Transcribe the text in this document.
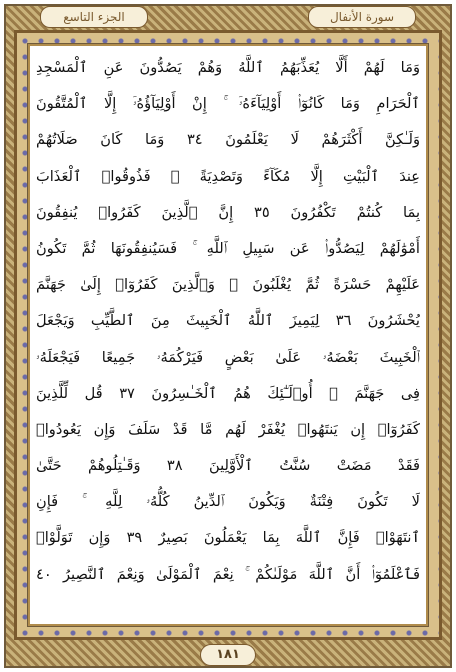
الجزء التاسع	سورة الأنفال
وَمَا لَهُمْ أَلَّا يُعَذِّبَهُمُ ٱللَّهُ وَهُمْ يَصُدُّونَ عَنِ ٱلْمَسْجِدِ
ٱلْحَرَامِ وَمَا كَانُوٓا۟ أَوْلِيَآءَهُۥٓ ۚ إِنْ أَوْلِيَآؤُهُۥٓ إِلَّا ٱلْمُتَّقُونَ
وَلَـٰكِنَّ أَكْثَرَهُمْ لَا يَعْلَمُونَ ٣٤ وَمَا كَانَ صَلَاتُهُمْ
عِندَ ٱلْبَيْتِ إِلَّا مُكَآءً وَتَصْدِيَةً ۚ فَذُوقُوا۟ ٱلْعَذَابَ
بِمَا كُنتُمْ تَكْفُرُونَ ٣٥ إِنَّ ٱلَّذِينَ كَفَرُوا۟ يُنفِقُونَ
أَمْوَٰلَهُمْ لِيَصُدُّوا۟ عَن سَبِيلِ ٱللَّهِ ۚ فَسَيُنفِقُونَهَا ثُمَّ تَكُونُ
عَلَيْهِمْ حَسْرَةً ثُمَّ يُغْلَبُونَ ۗ وَٱلَّذِينَ كَفَرُوٓا۟ إِلَىٰ جَهَنَّمَ
يُحْشَرُونَ ٣٦ لِيَمِيزَ ٱللَّهُ ٱلْخَبِيثَ مِنَ ٱلطَّيِّبِ وَيَجْعَلَ
ٱلْخَبِيثَ بَعْضَهُۥ عَلَىٰ بَعْضٍ فَيَرْكُمَهُۥ جَمِيعًا فَيَجْعَلَهُۥ
فِى جَهَنَّمَ ۚ أُو۟لَـٰٓئِكَ هُمُ ٱلْخَـٰسِرُونَ ٣٧ قُل لِّلَّذِينَ
كَفَرُوٓا۟ إِن يَنتَهُوا۟ يُغْفَرْ لَهُم مَّا قَدْ سَلَفَ وَإِن يَعُودُوا۟
فَقَدْ مَضَتْ سُنَّتُ ٱلْأَوَّلِينَ ٣٨ وَقَـٰتِلُوهُمْ حَتَّىٰ
لَا تَكُونَ فِتْنَةٌ وَيَكُونَ ٱلدِّينُ كُلُّهُۥ لِلَّهِ ۚ فَإِنِ
ٱنتَهَوْا۟ فَإِنَّ ٱللَّهَ بِمَا يَعْمَلُونَ بَصِيرٌ ٣٩ وَإِن تَوَلَّوْا۟
فَٱعْلَمُوٓا۟ أَنَّ ٱللَّهَ مَوْلَىٰكُمْ ۚ نِعْمَ ٱلْمَوْلَىٰ وَنِعْمَ ٱلنَّصِيرُ ٤٠
١٨١
